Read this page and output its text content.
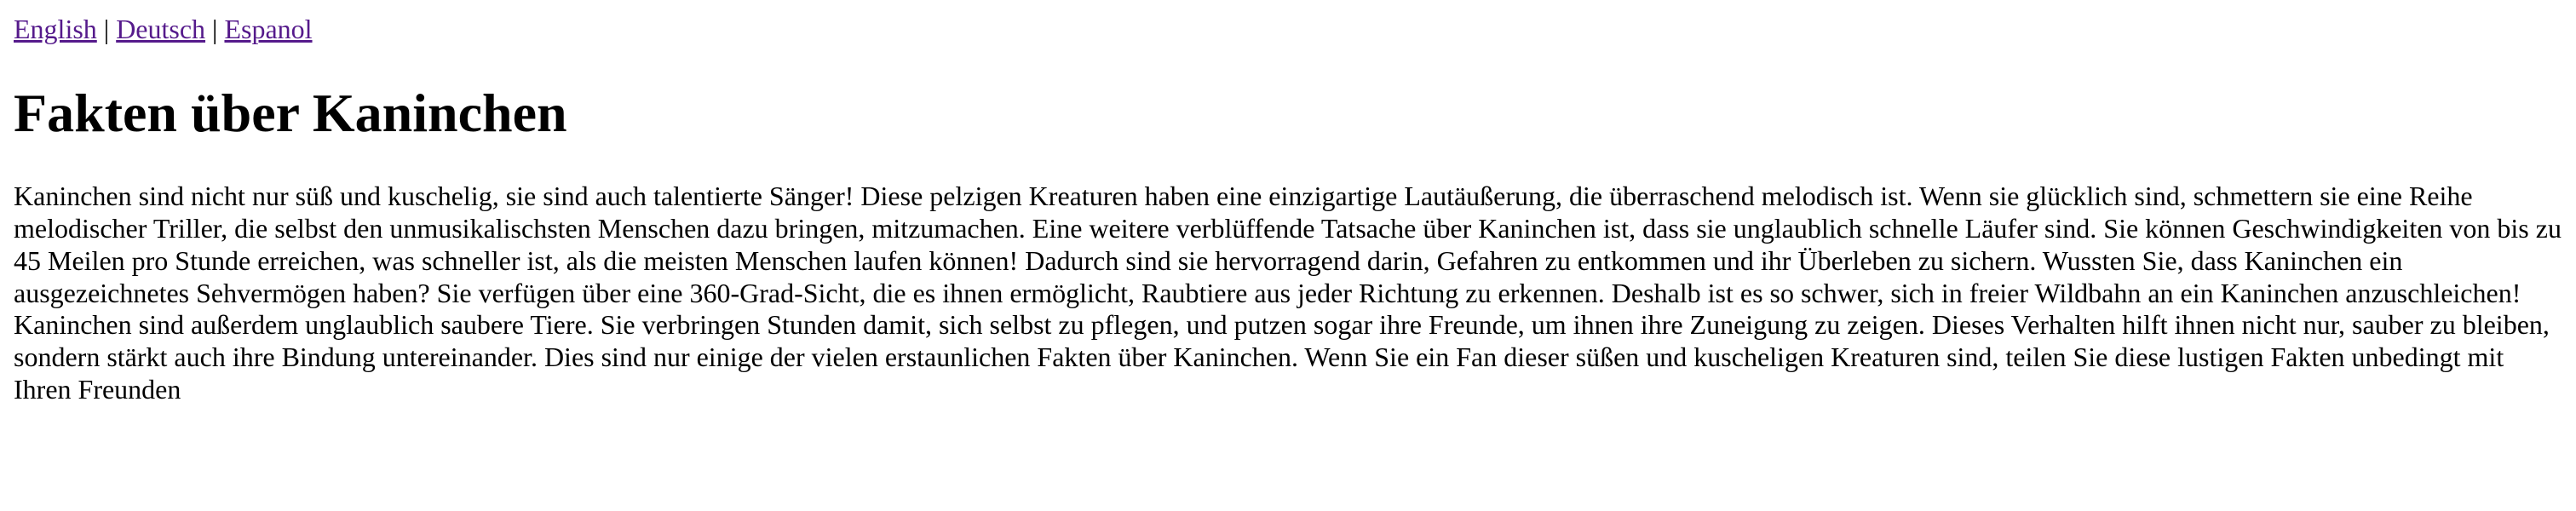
English | Deutsch | Espanol
Fakten über Kaninchen

Kaninchen sind nicht nur süß und kuschelig, sie sind auch talentierte Sänger! Diese pelzigen Kreaturen haben eine einzigartige Lautäußerung, die überraschend melodisch ist. Wenn sie glücklich sind, schmettern sie eine Reihe melodischer Triller, die selbst den unmusikalischsten Menschen dazu bringen, mitzumachen. Eine weitere verblüffende Tatsache über Kaninchen ist, dass sie unglaublich schnelle Läufer sind. Sie können Geschwindigkeiten von bis zu 45 Meilen pro Stunde erreichen, was schneller ist, als die meisten Menschen laufen können! Dadurch sind sie hervorragend darin, Gefahren zu entkommen und ihr Überleben zu sichern. Wussten Sie, dass Kaninchen ein ausgezeichnetes Sehvermögen haben? Sie verfügen über eine 360-Grad-Sicht, die es ihnen ermöglicht, Raubtiere aus jeder Richtung zu erkennen. Deshalb ist es so schwer, sich in freier Wildbahn an ein Kaninchen anzuschleichen! Kaninchen sind außerdem unglaublich saubere Tiere. Sie verbringen Stunden damit, sich selbst zu pflegen, und putzen sogar ihre Freunde, um ihnen ihre Zuneigung zu zeigen. Dieses Verhalten hilft ihnen nicht nur, sauber zu bleiben, sondern stärkt auch ihre Bindung untereinander. Dies sind nur einige der vielen erstaunlichen Fakten über Kaninchen. Wenn Sie ein Fan dieser süßen und kuscheligen Kreaturen sind, teilen Sie diese lustigen Fakten unbedingt mit Ihren Freunden
